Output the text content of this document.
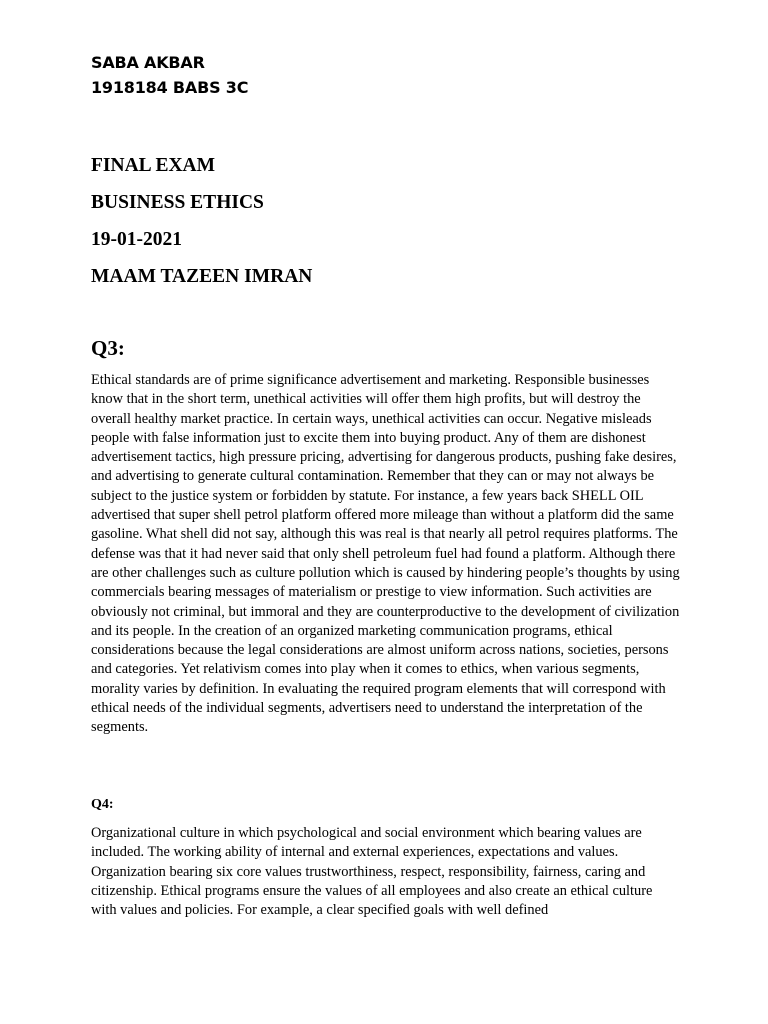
SABA AKBAR
1918184 BABS 3C
FINAL EXAM
BUSINESS ETHICS
19-01-2021
MAAM TAZEEN IMRAN
Q3:

Ethical standards are of prime significance advertisement and marketing. Responsible businesses know that in the short term, unethical activities will offer them high profits, but will destroy the overall healthy market practice. In certain ways, unethical activities can occur. Negative misleads people with false information just to excite them into buying product. Any of them are dishonest advertisement tactics, high pressure pricing, advertising for dangerous products, pushing fake desires, and advertising to generate cultural contamination. Remember that they can or may not always be subject to the justice system or forbidden by statute. For instance, a few years back SHELL OIL advertised that super shell petrol platform offered more mileage than without a platform did the same gasoline. What shell did not say, although this was real is that nearly all petrol requires platforms. The defense was that it had never said that only shell petroleum fuel had found a platform. Although there are other challenges such as culture pollution which is caused by hindering people’s thoughts by using commercials bearing messages of materialism or prestige to view information. Such activities are obviously not criminal, but immoral and they are counterproductive to the development of civilization and its people. In the creation of an organized marketing communication programs, ethical considerations because the legal considerations are almost uniform across nations, societies, persons and categories. Yet relativism comes into play when it comes to ethics, when various segments, morality varies by definition. In evaluating the required program elements that will correspond with ethical needs of the individual segments, advertisers need to understand the interpretation of the segments.

Q4:

Organizational culture in which psychological and social environment which bearing values are included. The working ability of internal and external experiences, expectations and values. Organization bearing six core values trustworthiness, respect, responsibility, fairness, caring and citizenship. Ethical programs ensure the values of all employees and also create an ethical culture with values and policies. For example, a clear specified goals with well defined
